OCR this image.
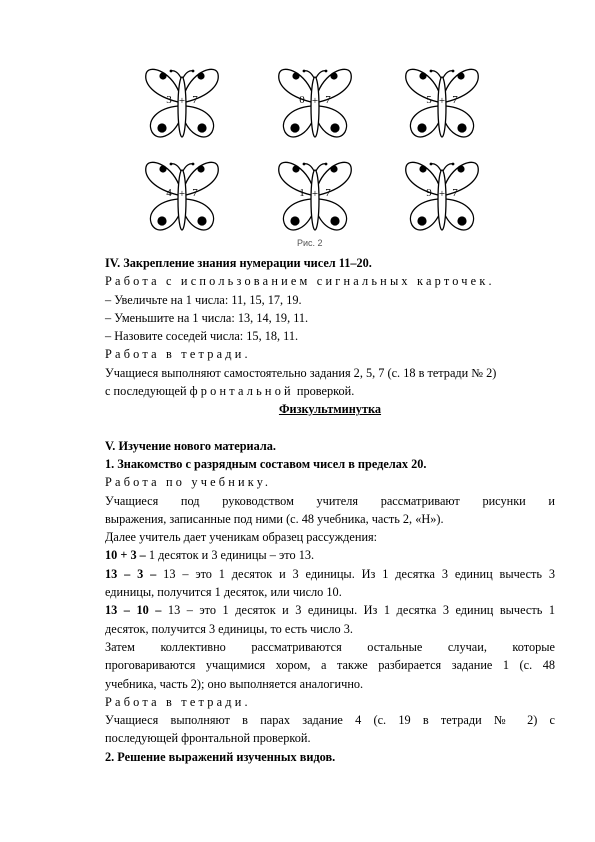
3 + 7	0 + 7	5 + 7
4 + 7	1 + 7	9 + 7
Рис. 2

IV. Закрепление знания нумерации чисел 11–20.

Работа с использованием сигнальных карточек.

– Увеличьте на 1 числа: 11, 15, 17, 19.

– Уменьшите на 1 числа: 13, 14, 19, 11.

– Назовите соседей числа: 15, 18, 11.

Работа в тетради.

Учащиеся выполняют самостоятельно задания 2, 5, 7 (с. 18 в тетради № 2)

с последующей фронтальной проверкой.

Физкультминутка

V. Изучение нового материала.

1. Знакомство с разрядным составом чисел в пределах 20.

Работа по учебнику.

Учащиеся под руководством учителя рассматривают рисунки и

выражения, записанные под ними (с. 48 учебника, часть 2, «Н»).

Далее учитель дает ученикам образец рассуждения:

10 + 3 – 1 десяток и 3 единицы – это 13.

13 – 3 – 13 – это 1 десяток и 3 единицы. Из 1 десятка 3 единиц вычесть 3

единицы, получится 1 десяток, или число 10.

13 – 10 – 13 – это 1 десяток и 3 единицы. Из 1 десятка 3 единиц вычесть 1

десяток, получится 3 единицы, то есть число 3.

Затем коллективно рассматриваются остальные случаи, которые

проговариваются учащимися хором, а также разбирается задание 1 (с. 48

учебника, часть 2); оно выполняется аналогично.

Работа в тетради.

Учащиеся выполняют в парах задание 4 (с. 19 в тетради № 2) с

последующей фронтальной проверкой.

2. Решение выражений изученных видов.
